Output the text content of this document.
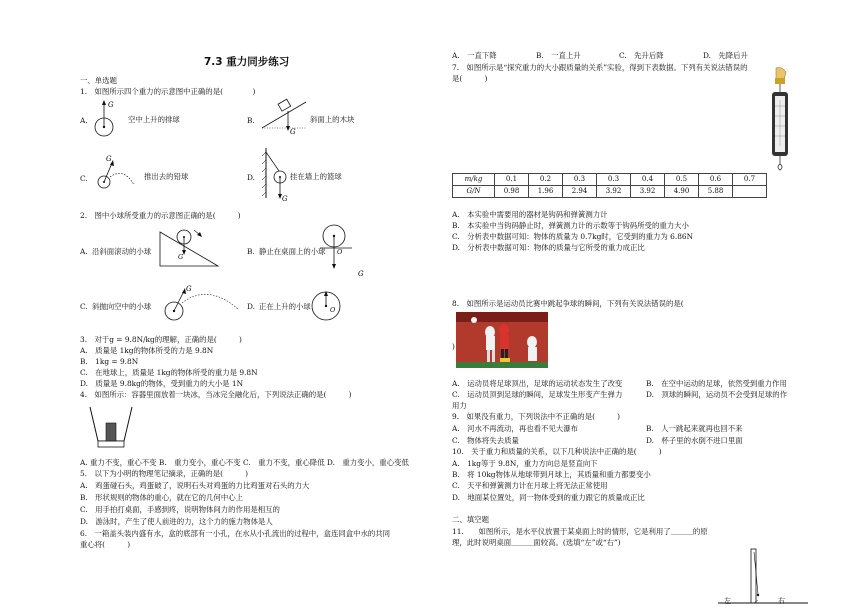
7.3 重力同步练习
一、单选题
1.　如图所示四个重力的示意图中正确的是(　　　　)
A.
G
空中上升的排球	B.
G
斜面上的木块
C.
G
推出去的铅球	D.
G
挂在墙上的篮球
2.　图中小球所受重力的示意图正确的是(　　　)
A. 沿斜面滚动的小球
G
B. 静止在桌面上的小球 O
G
C. 斜抛向空中的小球
G
D. 正在上升的小球	O
3.　对于g = 9.8N/kg的理解，正确的是(　　　)
A.　质量是 1kg的物体所受的力是 9.8N
B.　1kg = 9.8N
C.　在地球上，质量是 1kg的物体所受的重力是 9.8N
D.　质量是 9.8kg的物体，受到重力的大小是 1N
4.　如图所示：容器里面放着一块冰，当冰完全融化后，下列说法正确的是(　　　)
A. 重力不变，重心不变 B.　重力变小，重心不变 C.　重力不变，重心降低 D.　重力变小，重心变低
5.　以下为小明的物理笔记摘录，正确的是(　　　)
A.　鸡蛋碰石头，鸡蛋破了，说明石头对鸡蛋的力比鸡蛋对石头的力大
B.　形状规则的物体的重心，就在它的几何中心上
C.　用手拍打桌面，手感到疼，说明物体间力的作用是相互的
D.　游泳时，产生了使人前进的力，这个力的施力物体是人
6.　一箱盖头装内盛有水，盒的底部有一小孔，在水从小孔流出的过程中，盒连同盒中水的共同
重心将(　　　)
A.　一直下降	B.　一直上升	C.　先升后降	D.　先降后升
7.　如图所示是“探究重力的大小跟质量的关系”实验，得到下表数据。下列有关说法错误的
是(　　　)
m/kg	0.1	0.2	0.3	0.3	0.4	0.5	0.6	0.7
G/N	0.98	1.96	2.94	3.92	3.92	4.90	5.88	
A.　本实验中需要用的器材是钩码和弹簧测力计
B.　本实验中当钩码静止时，弹簧测力计的示数等于钩码所受的重力大小
C.　分析表中数据可知：物体的质量为 0.7kg时，它受到的重力为 6.86N
D.　分析表中数据可知：物体的质量与它所受的重力成正比
8.　如图所示是运动员比赛中跳起争球的瞬间，下列有关说法错误的是(
)
A.　运动员将足球顶出，足球的运动状态发生了改变	B.　在空中运动的足球，依然受到重力作用
C.　运动员顶到足球的瞬间，足球发生形变产生弹力	D.　顶球的瞬间，运动员不会受到足球的作
用力
9.　如果没有重力，下列说法中不正确的是(　　　)
A.　河水不再流动，再也看不见大瀑布	B.　人一跳起来就再也回不来
C.　物体将失去质量	D.　杯子里的水倒不进口里面
10.　关于重力和质量的关系，以下几种说法中正确的是(　　　)
A.　1kg等于 9.8N，重力方向总是竖直向下
B.　将 10kg物体从地球带到月球上，其质量和重力都要变小
C.　天平和弹簧测力计在月球上将无法正常使用
D.　地面某位置处，同一物体受到的重力跟它的质量成正比
二、填空题
11.　　如图所示，是水平仪放置于某桌面上时的情形，它是利用了＿＿＿的原
理，此时说明桌面＿＿＿面较高。(选填“左”或“右”)
左	右
